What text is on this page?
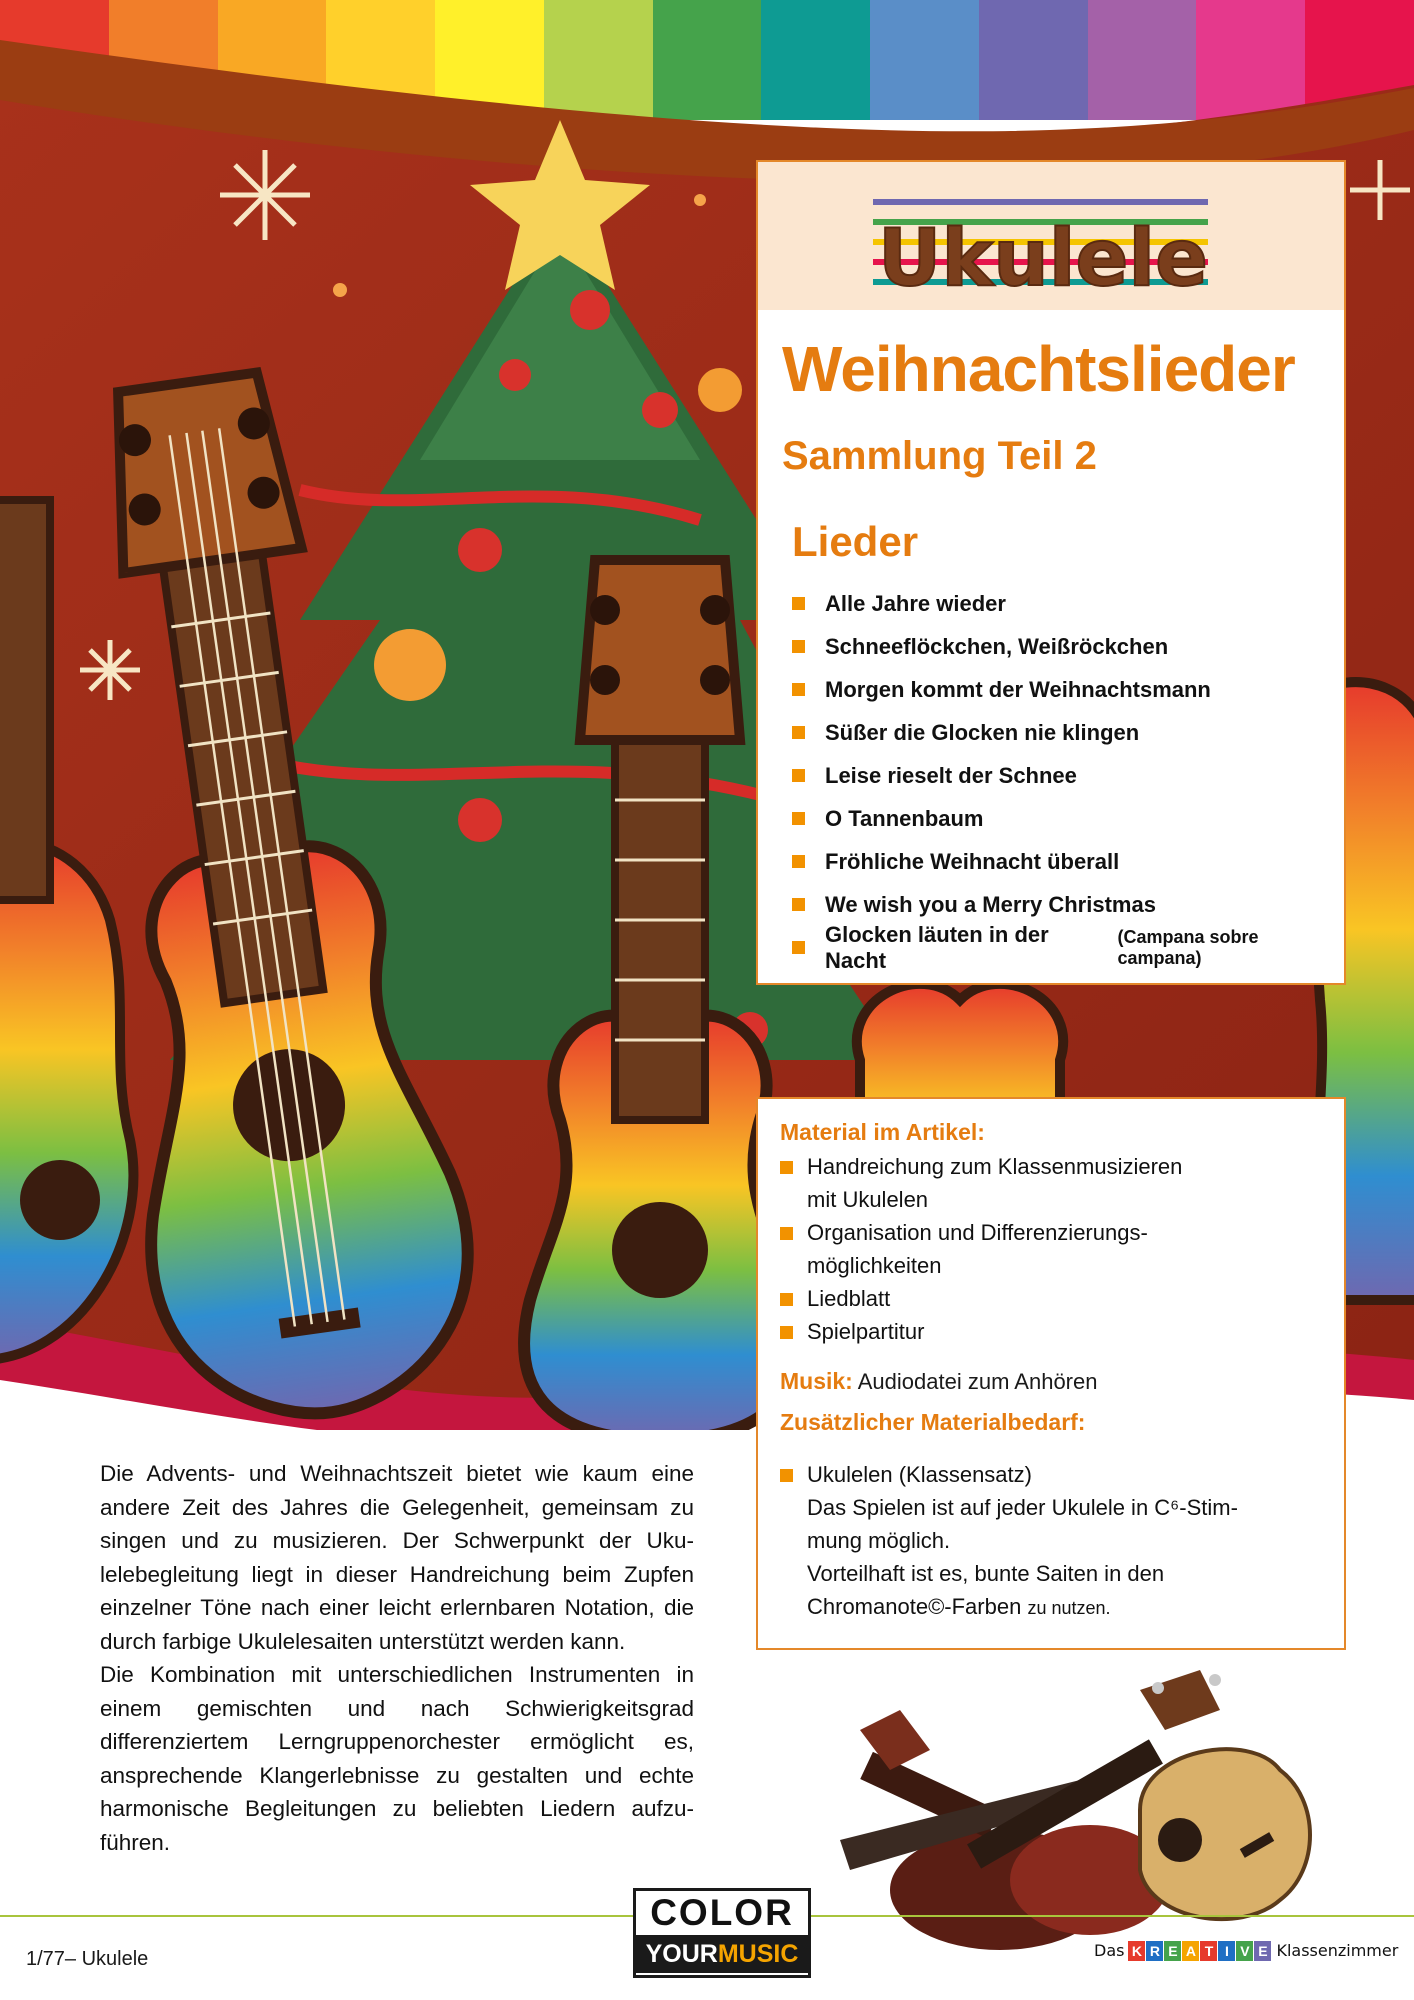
Ukulele
Weihnachtslieder
Sammlung Teil 2
Lieder
Alle Jahre wieder
Schneeflöckchen, Weißröckchen
Morgen kommt der Weihnachtsmann
Süßer die Glocken nie klingen
Leise rieselt der Schnee
O Tannenbaum
Fröhliche Weihnacht überall
We wish you a Merry Christmas
Glocken läuten in der Nacht
(Campana sobre campana)
Material im Artikel:
Handreichung zum Klassenmusizieren
mit Ukulelen
Organisation und Differenzierungs-
möglichkeiten
Liedblatt
Spielpartitur
Musik: Audiodatei zum Anhören
Zusätzlicher Materialbedarf:
Ukulelen (Klassensatz)
Das Spielen ist auf jeder Ukulele in C⁶-Stim-
mung möglich.
Vorteilhaft ist es, bunte Saiten in den
Chromanote©-Farben zu nutzen.

Die Advents- und Weihnachtszeit bietet wie kaum eine andere Zeit des Jahres die Gelegenheit, gemeinsam zu singen und zu musizieren. Der Schwerpunkt der Ukulelebegleitung liegt in dieser Handreichung beim Zupfen einzelner Töne nach einer leicht erlernbaren Notation, die durch farbige Ukulelesaiten unterstützt werden kann.

Die Kombination mit unterschiedlichen Instrumenten in einem gemischten und nach Schwierigkeitsgrad differenziertem Lerngruppenorchester ermöglicht es, ansprechende Klangerlebnisse zu gestalten und echte harmonische Begleitungen zu beliebten Liedern aufzuführen.

1/77– Ukulele
COLOR
YOURMUSIC	Das K R E A T I V E Klassenzimmer
